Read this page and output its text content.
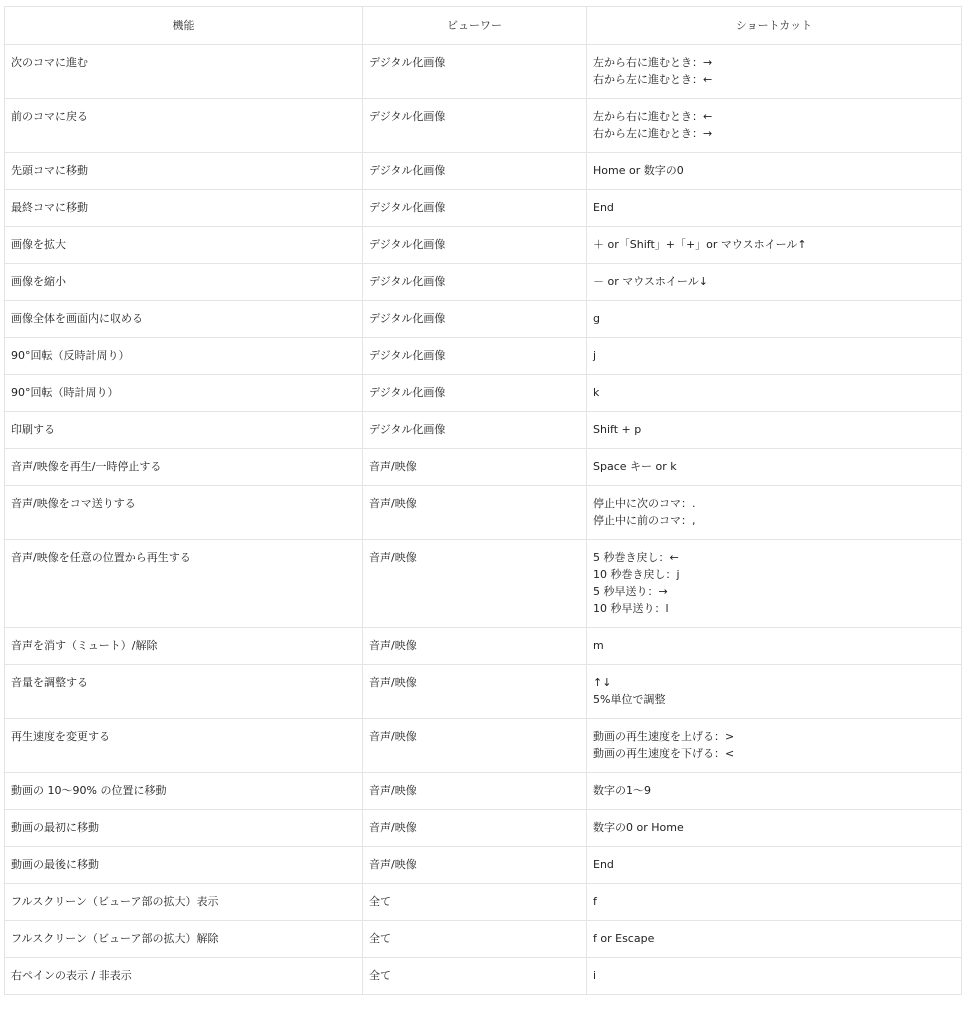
機能	ビューワー	ショートカット

次のコマに進む	デジタル化画像	左から右に進むとき：→
右から左に進むとき：←

前のコマに戻る	デジタル化画像	左から右に進むとき：←
右から左に進むとき：→

先頭コマに移動	デジタル化画像	Home or 数字の0

最終コマに移動	デジタル化画像	End

画像を拡大	デジタル化画像	＋ or「Shift」+「+」or マウスホイール↑

画像を縮小	デジタル化画像	－ or マウスホイール↓

画像全体を画面内に収める	デジタル化画像	g

90°回転（反時計周り）	デジタル化画像	j

90°回転（時計周り）	デジタル化画像	k

印刷する	デジタル化画像	Shift + p

音声/映像を再生/一時停止する	音声/映像	Space キー or k

音声/映像をコマ送りする	音声/映像	停止中に次のコマ：.
停止中に前のコマ：,

音声/映像を任意の位置から再生する	音声/映像	5 秒巻き戻し：←
10 秒巻き戻し：j
5 秒早送り：→
10 秒早送り：l

音声を消す（ミュート）/解除	音声/映像	m

音量を調整する	音声/映像	↑↓
5%単位で調整

再生速度を変更する	音声/映像	動画の再生速度を上げる：>
動画の再生速度を下げる：<

動画の 10〜90% の位置に移動	音声/映像	数字の1〜9

動画の最初に移動	音声/映像	数字の0 or Home

動画の最後に移動	音声/映像	End

フルスクリーン（ビューア部の拡大）表示	全て	f

フルスクリーン（ビューア部の拡大）解除	全て	f or Escape

右ペインの表示 / 非表示	全て	i
